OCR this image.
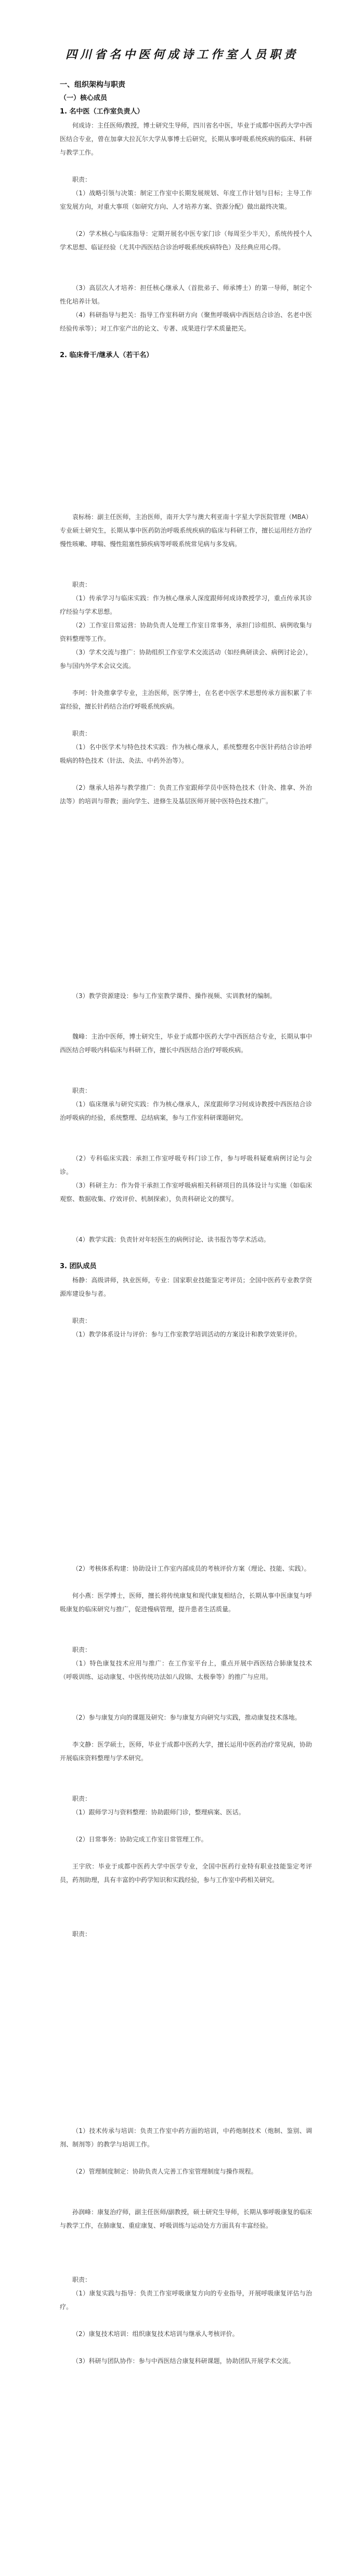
四川省名中医何成诗工作室人员职责

一、组织架构与职责

（一）核心成员

1. 名中医（工作室负责人）

何成诗：主任医师/教授，博士研究生导师，四川省名中医，毕业于成都中医药大学中西医结合专业，曾在加拿大拉瓦尔大学从事博士后研究，长期从事呼吸系统疾病的临床、科研与教学工作。

职责：

（1）战略引领与决策：制定工作室中长期发展规划、年度工作计划与目标；主导工作室发展方向，对重大事项（如研究方向、人才培养方案、资源分配）做出最终决策。

（2）学术核心与临床指导：定期开展名中医专家门诊（每周至少半天），系统传授个人学术思想、临证经验（尤其中西医结合诊治呼吸系统疾病特色）及经典应用心得。

（3）高层次人才培养：担任核心继承人（首批弟子、师承博士）的第一导师，制定个性化培养计划。

（4）科研指导与把关：指导工作室科研方向（聚焦呼吸病中西医结合诊治、名老中医经验传承等）；对工作室产出的论文、专著、成果进行学术质量把关。

2. 临床骨干/继承人（若干名）

袁标杨：副主任医师，主治医师，南开大学与澳大利亚南十字星大学医院管理（MBA）专业硕士研究生，长期从事中医药防治呼吸系统疾病的临床与科研工作，擅长运用经方治疗慢性咳嗽、哮喘、慢性阻塞性肺疾病等呼吸系统常见病与多发病。

职责：

（1）传承学习与临床实践：作为核心继承人深度跟师何成诗教授学习，重点传承其诊疗经验与学术思想。

（2）工作室日常运营：协助负责人处理工作室日常事务，承担门诊组织、病例收集与资料整理等工作。

（3）学术交流与推广：协助组织工作室学术交流活动（如经典研读会、病例讨论会），参与国内外学术会议交流。

李珂：针灸推拿学专业，主治医师，医学博士，在名老中医学术思想传承方面积累了丰富经验，擅长针药结合治疗呼吸系统疾病。

职责：

（1）名中医学术与特色技术实践：作为核心继承人，系统整理名中医针药结合诊治呼吸病的特色技术（针法、灸法、中药外治等）。

（2）继承人培养与教学推广：负责工作室跟师学员中医特色技术（针灸、推拿、外治法等）的培训与带教；面向学生、进修生及基层医师开展中医特色技术推广。

（3）教学资源建设：参与工作室教学课件、操作视频、实训教材的编制。

魏峰：主治中医师，博士研究生，毕业于成都中医药大学中西医结合专业，长期从事中西医结合呼吸内科临床与科研工作，擅长中西医结合治疗呼吸疾病。

职责：

（1）临床继承与研究实践：作为核心继承人，深度跟师学习何成诗教授中西医结合诊治呼吸病的经验，系统整理、总结病案，参与工作室科研课题研究。

（2）专科临床实践：承担工作室呼吸专科门诊工作，参与呼吸科疑难病例讨论与会诊。

（3）科研主力：作为骨干承担工作室呼吸病相关科研项目的具体设计与实施（如临床观察、数据收集、疗效评价、机制探索），负责科研论文的撰写。

（4）教学实践：负责针对年轻医生的病例讨论、读书报告等学术活动。

3. 团队成员

杨静：高级讲师，执业医师，专业：国家职业技能鉴定考评员；全国中医药专业教学资源库建设参与者。

职责：

（1）教学体系设计与评价：参与工作室教学培训活动的方案设计和教学效果评价。

（2）考核体系构建：协助设计工作室内部成员的考核评价方案（理论、技能、实践）。

何小燕：医学博士，医师，擅长将传统康复和现代康复相结合，长期从事中医康复与呼吸康复的临床研究与推广，促进慢病管理，提升患者生活质量。

职责：

（1）特色康复技术应用与推广：在工作室平台上，重点开展中西医结合肺康复技术（呼吸训练、运动康复、中医传统功法如八段锦、太极拳等）的推广与应用。

（2）参与康复方向的课题及研究：参与康复方向研究与实践，推动康复技术落地。

李文静：医学硕士，医师，毕业于成都中医药大学，擅长运用中医药治疗常见病，协助开展临床资料整理与学术研究。

职责：

（1）跟师学习与资料整理：协助跟师门诊，整理病案、医话。

（2）日常事务：协助完成工作室日常管理工作。

王宇欣：毕业于成都中医药大学中医学专业，全国中医药行业特有职业技能鉴定考评员，药剂助理，具有丰富的中药学知识和实践经验，参与工作室中药相关研究。

职责：

（1）技术传承与培训：负责工作室中药方面的培训，中药炮制技术（炮制、鉴别、调剂、制剂等）的教学与培训工作。

（2）管理制度制定：协助负责人完善工作室管理制度与操作规程。

孙润峰：康复治疗师，副主任医师/副教授，硕士研究生导师，长期从事呼吸康复的临床与教学工作，在肺康复、重症康复、呼吸训练与运动处方方面具有丰富经验。

职责：

（1）康复实践与指导：负责工作室呼吸康复方向的专业指导，开展呼吸康复评估与治疗。

（2）康复技术培训：组织康复技术培训与继承人考核评价。

（3）科研与团队协作：参与中西医结合康复科研课题，协助团队开展学术交流。
